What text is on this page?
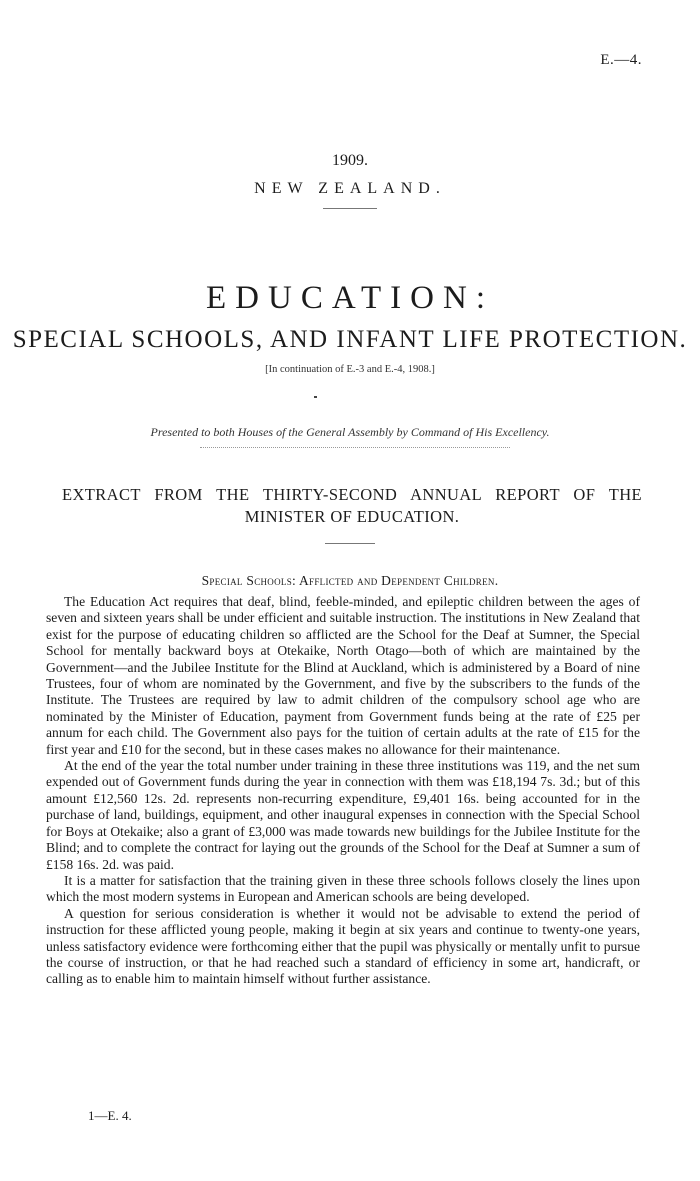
E.—4.
1909.
NEW ZEALAND.
EDUCATION:
SPECIAL SCHOOLS, AND INFANT LIFE PROTECTION.
[In continuation of E.-3 and E.-4, 1908.]
Presented to both Houses of the General Assembly by Command of His Excellency.
EXTRACT FROM THE THIRTY-SECOND ANNUAL REPORT OF THE
MINISTER OF EDUCATION.
Special Schools: Afflicted and Dependent Children.

The Education Act requires that deaf, blind, feeble-minded, and epileptic children between the ages of seven and sixteen years shall be under efficient and suitable instruction. The institutions in New Zealand that exist for the purpose of educating children so afflicted are the School for the Deaf at Sumner, the Special School for mentally backward boys at Otekaike, North Otago—both of which are maintained by the Government—and the Jubilee Institute for the Blind at Auckland, which is administered by a Board of nine Trustees, four of whom are nominated by the Government, and five by the subscribers to the funds of the Institute. The Trustees are required by law to admit children of the compulsory school age who are nominated by the Minister of Education, payment from Government funds being at the rate of £25 per annum for each child. The Government also pays for the tuition of certain adults at the rate of £15 for the first year and £10 for the second, but in these cases makes no allowance for their maintenance.

At the end of the year the total number under training in these three institutions was 119, and the net sum expended out of Government funds during the year in connection with them was £18,194 7s. 3d.; but of this amount £12,560 12s. 2d. represents non-recurring expenditure, £9,401 16s. being accounted for in the purchase of land, buildings, equipment, and other inaugural expenses in connection with the Special School for Boys at Otekaike; also a grant of £3,000 was made towards new buildings for the Jubilee Institute for the Blind; and to complete the contract for laying out the grounds of the School for the Deaf at Sumner a sum of £158 16s. 2d. was paid.

It is a matter for satisfaction that the training given in these three schools follows closely the lines upon which the most modern systems in European and American schools are being developed.

A question for serious consideration is whether it would not be advisable to extend the period of instruction for these afflicted young people, making it begin at six years and continue to twenty-one years, unless satisfactory evidence were forthcoming either that the pupil was physically or mentally unfit to pursue the course of instruction, or that he had reached such a standard of efficiency in some art, handicraft, or calling as to enable him to maintain himself without further assistance.

1—E. 4.
